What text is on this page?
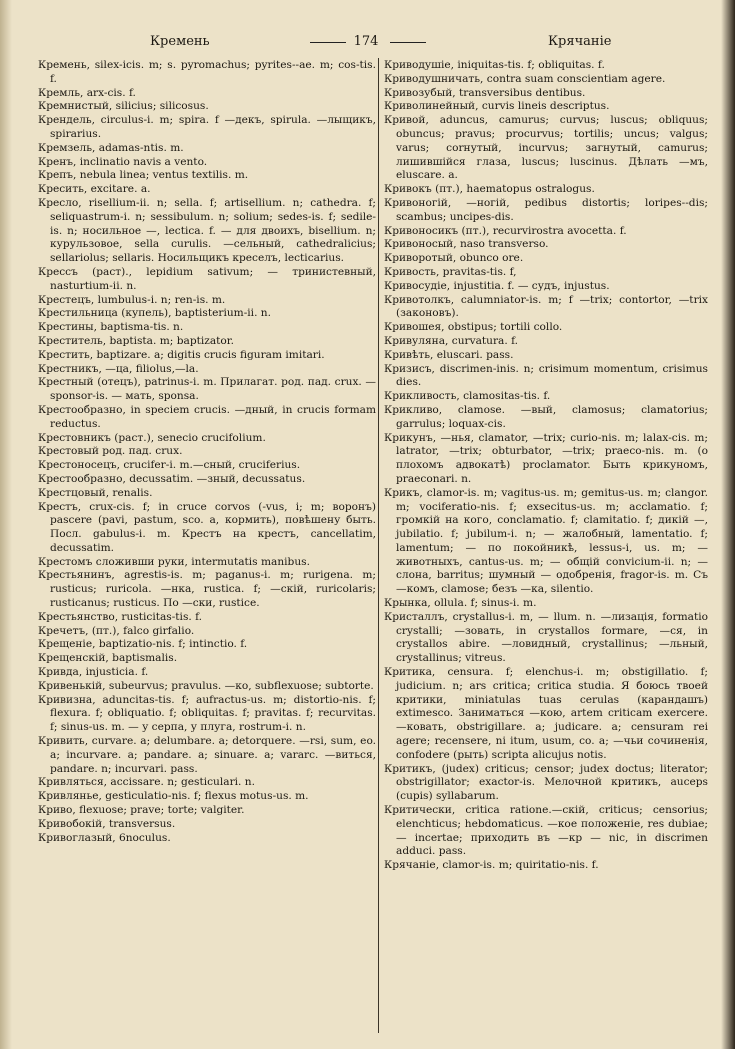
Кремень	174	Крячаніе

Кремень, silex-icis. m; s. pyromachus; pyrites--ae. m; cos-tis. f.

Кремль, arx-cis. f.

Кремнистый, silicius; silicosus.

Крендель, circulus-i. m; spira. f —декъ, spirula. —лыщикъ, spirarius.

Кремзель, adamas-ntis. m.

Кренъ, inclinatio navis a vento.

Крепъ, nebula linea; ventus textilis. m.

Кресить, excitare. a.

Кресло, risellium-ii. n; sella. f; artisellium. n; cathedra. f; seliquastrum-i. n; sessibulum. n; solium; sedes-is. f; sedile-is. n; носильное —, lectica. f. — для двоихъ, bisellium. n; курульзовое, sella curulis. —сельный, cathedralicius; sellariolus; sellaris. Носильщикъ креселъ, lecticarius.

Крессъ (раст)., lepidium sativum; — тринистевный, nasturtium-ii. n.

Крестецъ, lumbulus-i. n; ren-is. m.

Крестильница (купель), baptisterium-ii. n.

Крестины, baptisma-tis. n.

Креститель, baptista. m; baptizator.

Крестить, baptizare. a; digitis crucis figuram imitari.

Крестникъ, —ца, filiolus,—la.

Крестный (отецъ), patrinus-i. m. Прилагат. род. пад. crux. — sponsor-is. — мать, sponsa.

Крестообразно, in speciem crucis. —дный, in crucis formam reductus.

Крестовникъ (раст.), senecio crucifolium.

Крестовый род. пад. crux.

Крестоносецъ, crucifer-i. m.—сный, cruciferius.

Крестообразно, decussatim. —зный, decussatus.

Крестцовый, renalis.

Крестъ, crux-cis. f; in cruce corvos (-vus, i; m; воронъ) pascere (pavi, pastum, sco. a, кормить), повѣшену быть. Посл. gabulus-i. m. Крестъ на крестъ, cancellatim, decussatim.

Крестомъ сложивши руки, intermutatis manibus.

Крестьянинъ, agrestis-is. m; paganus-i. m; rurigena. m; rusticus; ruricola. —нка, rustica. f; —скій, ruricolaris; rusticanus; rusticus. По —ски, rustice.

Крестьянство, rusticitas-tis. f.

Кречетъ, (пт.), falco girfalio.

Крещеніе, baptizatio-nis. f; intinctio. f.

Крещенскій, baptismalis.

Кривда, injusticia. f.

Кривенькій, subeurvus; pravulus. —ко, subflexuose; subtorte.

Кривизна, aduncitas-tis. f; aufractus-us. m; distortio-nis. f; flexura. f; obliquatio. f; obliquitas. f; pravitas. f; recurvitas. f; sinus-us. m. — у серпа, у плуга, rostrum-i. n.

Кривить, curvare. a; delumbare. a; detorquere. —rsi, sum, eo. a; incurvare. a; pandare. a; sinuare. a; vararc. —виться, pandare. n; incurvari. pass.

Кривляться, accissare. n; gesticulari. n.

Кривлянье, gesticulatio-nis. f; flexus motus-us. m.

Криво, flexuose; prave; torte; valgiter.

Кривобокій, transversus.

Кривоглазый, 6noculus.

Криводушіе, iniquitas-tis. f; obliquitas. f.

Криводушничать, contra suam conscientiam agere.

Кривозубый, transversibus dentibus.

Криволинейный, curvis lineis descriptus.

Кривой, aduncus, camurus; curvus; luscus; obliquus; obuncus; pravus; procurvus; tortilis; uncus; valgus; varus; corнутый, incurvus; загнутый, camurus; лишившійся глаза, luscus; luscinus. Дѣлать —мъ, eluscare. a.

Кривокъ (пт.), haematopus ostralogus.

Кривоногій, —ногій, pedibus distortis; loripes--dis; scambus; uncipes-dis.

Кривоносикъ (пт.), recurvirostra avocetta. f.

Кривоносый, naso transverso.

Криворотый, obunco ore.

Кривость, pravitas-tis. f,

Кривосудіе, injustitia. f. — судъ, injustus.

Кривотолкъ, calumniator-is. m; f —trix; contortor, —trix (законовъ).

Кривошея, obstipus; tortili collo.

Кривуляна, curvatura. f.

Кривѣть, eluscari. pass.

Кризисъ, discrimen-inis. n; crisimum momentum, crisimus dies.

Крикливость, clamositas-tis. f.

Крикливо, clamose. —вый, clamosus; clamatorius; garrulus; loquax-cis.

Крикунъ, —нья, clamator, —trix; curio-nis. m; lalax-cis. m; latrator, —trix; obturbator, —trix; praeco-nis. m. (о плохомъ адвокатѣ) proclamator. Быть крикуномъ, praeconari. n.

Крикъ, clamor-is. m; vagitus-us. m; gemitus-us. m; clangor. m; vociferatio-nis. f; exsecitus-us. m; acclamatio. f; громкій на кого, conclamatio. f; clamitatio. f; дикій —, jubilatio. f; jubilum-i. n; — жалобный, lamentatio. f; lamentum; — по покойникѣ, lessus-i, us. m; — животныхъ, cantus-us. m; — общій convicium-ii. n; — слона, barritus; шумный — одобренія, fragor-is. m. Съ —комъ, clamose; безъ —ка, silentio.

Крынка, ollula. f; sinus-i. m.

Кристаллъ, crystallus-i. m, — llum. n. —лизація, formatio crystalli; —зовать, in crystallos formare, —ся, in crystallos abire. —ловидный, crystallinus; —льный, crystallinus; vitreus.

Критика, censura. f; elenchus-i. m; obstigillatio. f; judicium. n; ars critica; critica studia. Я боюсь твоей критики, miniatulas tuas cerulas (карандашъ) extimesco. Заниматься —кою, artem criticam exercere. —ковать, obstrigillare. a; judicare. a; censuram rei agere; recensere, ni itum, usum, co. a; —чьи сочиненія, confodere (рыть) scripta alicujus notis.

Критикъ, (judex) criticus; censor; judex doctus; literator; obstrigillator; exactor-is. Мелочной критикъ, auceps (cupis) syllabarum.

Критически, critica ratione.—скій, criticus; censorius; elenchticus; hebdomaticus. —кое положеніе, res dubiae; — incertae; приходить въ —кр — nic, in discrimen adduci. pass.

Крячаніе, clamor-is. m; quiritatio-nis. f.
